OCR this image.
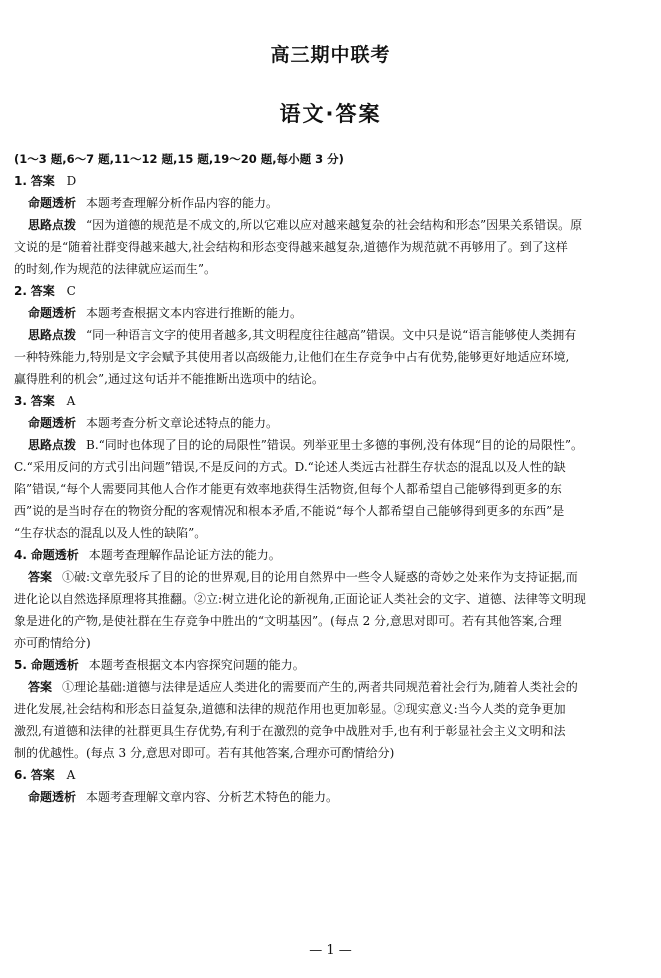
高三期中联考
语文·答案
(1～3 题,6～7 题,11～12 题,15 题,19～20 题,每小题 3 分)
1. 答案 D
命题透析 本题考查理解分析作品内容的能力。
思路点拨 “因为道德的规范是不成文的,所以它难以应对越来越复杂的社会结构和形态”因果关系错误。原
文说的是“随着社群变得越来越大,社会结构和形态变得越来越复杂,道德作为规范就不再够用了。到了这样
的时刻,作为规范的法律就应运而生”。
2. 答案 C
命题透析 本题考查根据文本内容进行推断的能力。
思路点拨 “同一种语言文字的使用者越多,其文明程度往往越高”错误。文中只是说“语言能够使人类拥有
一种特殊能力,特别是文字会赋予其使用者以高级能力,让他们在生存竞争中占有优势,能够更好地适应环境,
赢得胜利的机会”,通过这句话并不能推断出选项中的结论。
3. 答案 A
命题透析 本题考查分析文章论述特点的能力。
思路点拨 B.“同时也体现了目的论的局限性”错误。列举亚里士多德的事例,没有体现“目的论的局限性”。
C.“采用反问的方式引出问题”错误,不是反问的方式。D.“论述人类远古社群生存状态的混乱以及人性的缺
陷”错误,“每个人需要同其他人合作才能更有效率地获得生活物资,但每个人都希望自己能够得到更多的东
西”说的是当时存在的物资分配的客观情况和根本矛盾,不能说“每个人都希望自己能够得到更多的东西”是
“生存状态的混乱以及人性的缺陷”。
4. 命题透析 本题考查理解作品论证方法的能力。
答案 ①破:文章先驳斥了目的论的世界观,目的论用自然界中一些令人疑惑的奇妙之处来作为支持证据,而
进化论以自然选择原理将其推翻。②立:树立进化论的新视角,正面论证人类社会的文字、道德、法律等文明现
象是进化的产物,是使社群在生存竞争中胜出的“文明基因”。(每点 2 分,意思对即可。若有其他答案,合理
亦可酌情给分)
5. 命题透析 本题考查根据文本内容探究问题的能力。
答案 ①理论基础:道德与法律是适应人类进化的需要而产生的,两者共同规范着社会行为,随着人类社会的
进化发展,社会结构和形态日益复杂,道德和法律的规范作用也更加彰显。②现实意义:当今人类的竞争更加
激烈,有道德和法律的社群更具生存优势,有利于在激烈的竞争中战胜对手,也有利于彰显社会主义文明和法
制的优越性。(每点 3 分,意思对即可。若有其他答案,合理亦可酌情给分)
6. 答案 A
命题透析 本题考查理解文章内容、分析艺术特色的能力。
— 1 —
